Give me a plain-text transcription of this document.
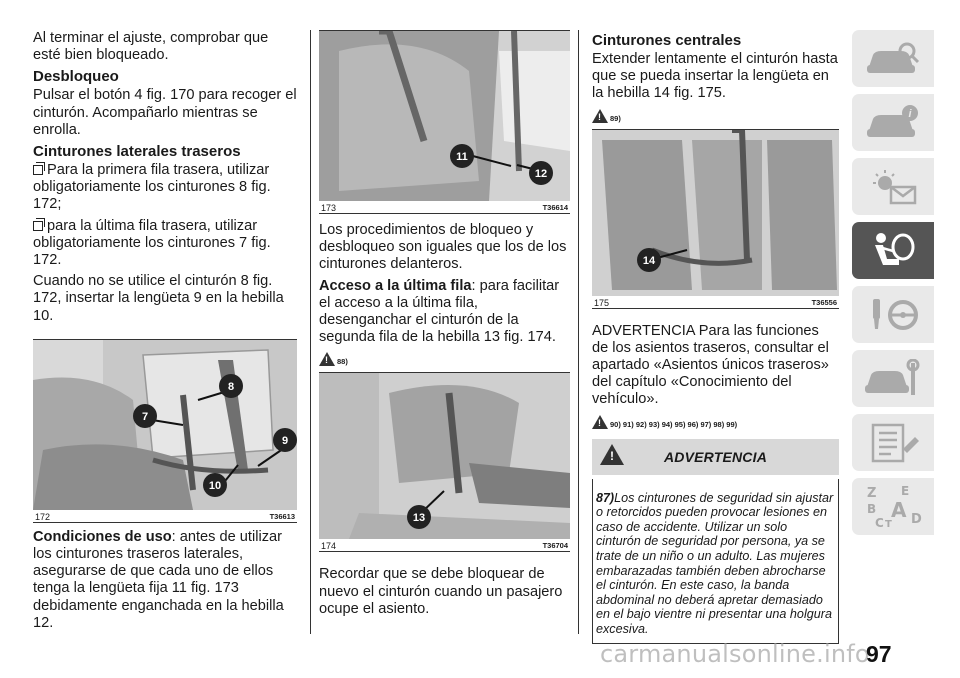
Al terminar el ajuste, comprobar que esté bien bloqueado.

Desbloqueo

Pulsar el botón 4 fig. 170 para recoger el cinturón. Acompañarlo mientras se enrolla.

Cinturones laterales traseros

Para la primera fila trasera, utilizar obligatoriamente los cinturones 8 fig. 172;

para la última fila trasera, utilizar obligatoriamente los cinturones 7 fig. 172.

Cuando no se utilice el cinturón 8 fig. 172, insertar la lengüeta 9 en la hebilla 10.

8
7
9
10
172	T36613

Condiciones de uso: antes de utilizar los cinturones traseros laterales, asegurarse de que cada uno de ellos tenga la lengüeta fija 11 fig. 173 debidamente enganchada en la hebilla 12.

11
12
173	T36614

Los procedimientos de bloqueo y desbloqueo son iguales que los de los cinturones delanteros.

Acceso a la última fila: para facilitar el acceso a la última fila, desenganchar el cinturón de la segunda fila de la hebilla 13 fig. 174.

! 88)
13
174	T36704

Recordar que se debe bloquear de nuevo el cinturón cuando un pasajero ocupe el asiento.

Cinturones centrales

Extender lentamente el cinturón hasta que se pueda insertar la lengüeta en la hebilla 14 fig. 175.

! 89)
14
175	T36556

ADVERTENCIA Para las funciones de los asientos traseros, consultar el apartado «Asientos únicos traseros» del capítulo «Conocimiento del vehículo».

! 90) 91) 92) 93) 94) 95) 96) 97) 98) 99)
!	ADVERTENCIA
87)Los cinturones de seguridad sin ajustar o retorcidos pueden provocar lesiones en caso de accidente. Utilizar un solo cinturón de seguridad por persona, ya se trate de un niño o un adulto. Las mujeres embarazadas también deben abrocharse el cinturón. En este caso, la banda abdominal no deberá apretar demasiado en el bajo vientre ni presentar una holgura excesiva.
i
Z E
B A
C T D
carmanualsonline.info
97
